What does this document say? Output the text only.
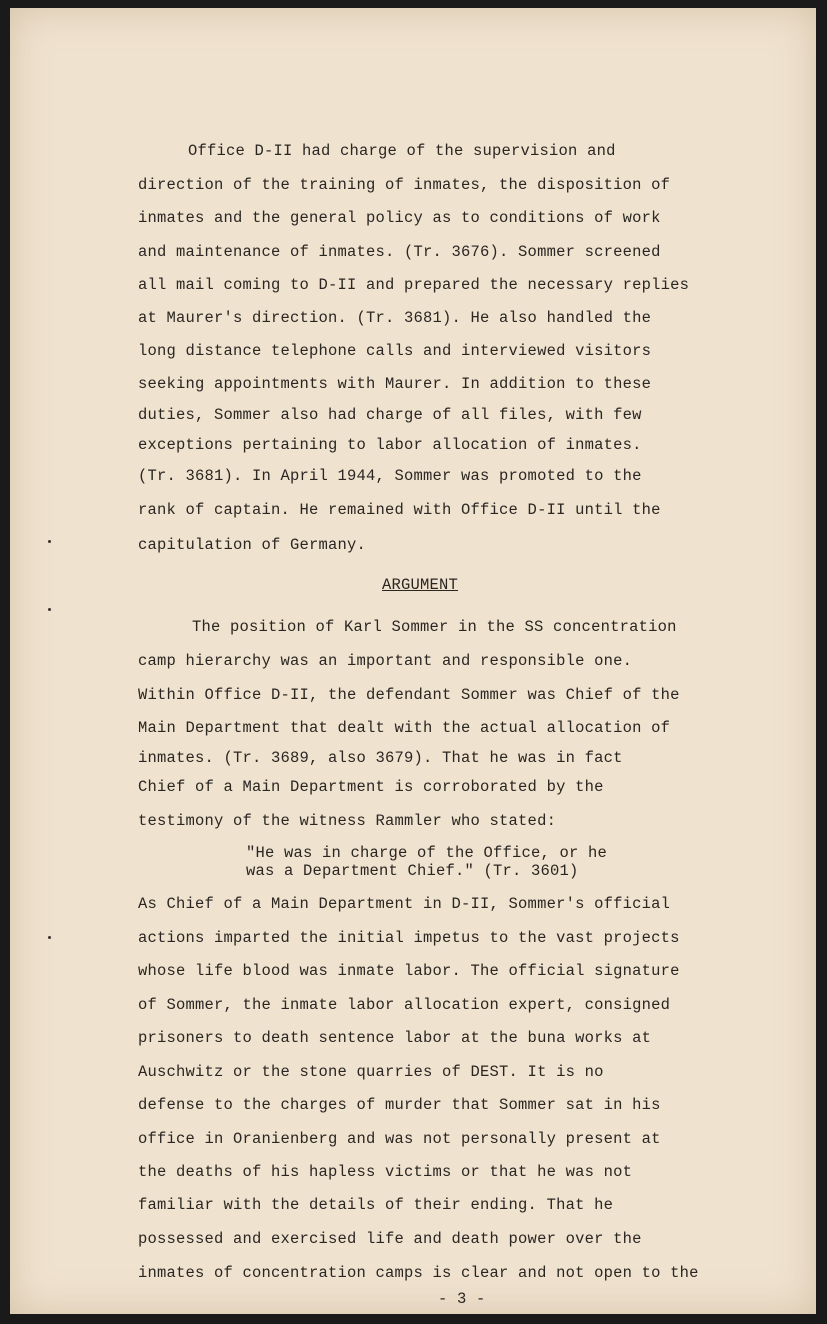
Office D-II had charge of the supervision and
direction of the training of inmates, the disposition of
inmates and the general policy as to conditions of work
and maintenance of inmates. (Tr. 3676). Sommer screened
all mail coming to D-II and prepared the necessary replies
at Maurer's direction. (Tr. 3681). He also handled the
long distance telephone calls and interviewed visitors
seeking appointments with Maurer. In addition to these
duties, Sommer also had charge of all files, with few
exceptions pertaining to labor allocation of inmates.
(Tr. 3681). In April 1944, Sommer was promoted to the
rank of captain. He remained with Office D-II until the
capitulation of Germany.
ARGUMENT
The position of Karl Sommer in the SS concentration
camp hierarchy was an important and responsible one.
Within Office D-II, the defendant Sommer was Chief of the
Main Department that dealt with the actual allocation of
inmates. (Tr. 3689, also 3679). That he was in fact
Chief of a Main Department is corroborated by the
testimony of the witness Rammler who stated:
"He was in charge of the Office, or he
was a Department Chief." (Tr. 3601)
As Chief of a Main Department in D-II, Sommer's official
actions imparted the initial impetus to the vast projects
whose life blood was inmate labor. The official signature
of Sommer, the inmate labor allocation expert, consigned
prisoners to death sentence labor at the buna works at
Auschwitz or the stone quarries of DEST. It is no
defense to the charges of murder that Sommer sat in his
office in Oranienberg and was not personally present at
the deaths of his hapless victims or that he was not
familiar with the details of their ending. That he
possessed and exercised life and death power over the
inmates of concentration camps is clear and not open to the
- 3 -
